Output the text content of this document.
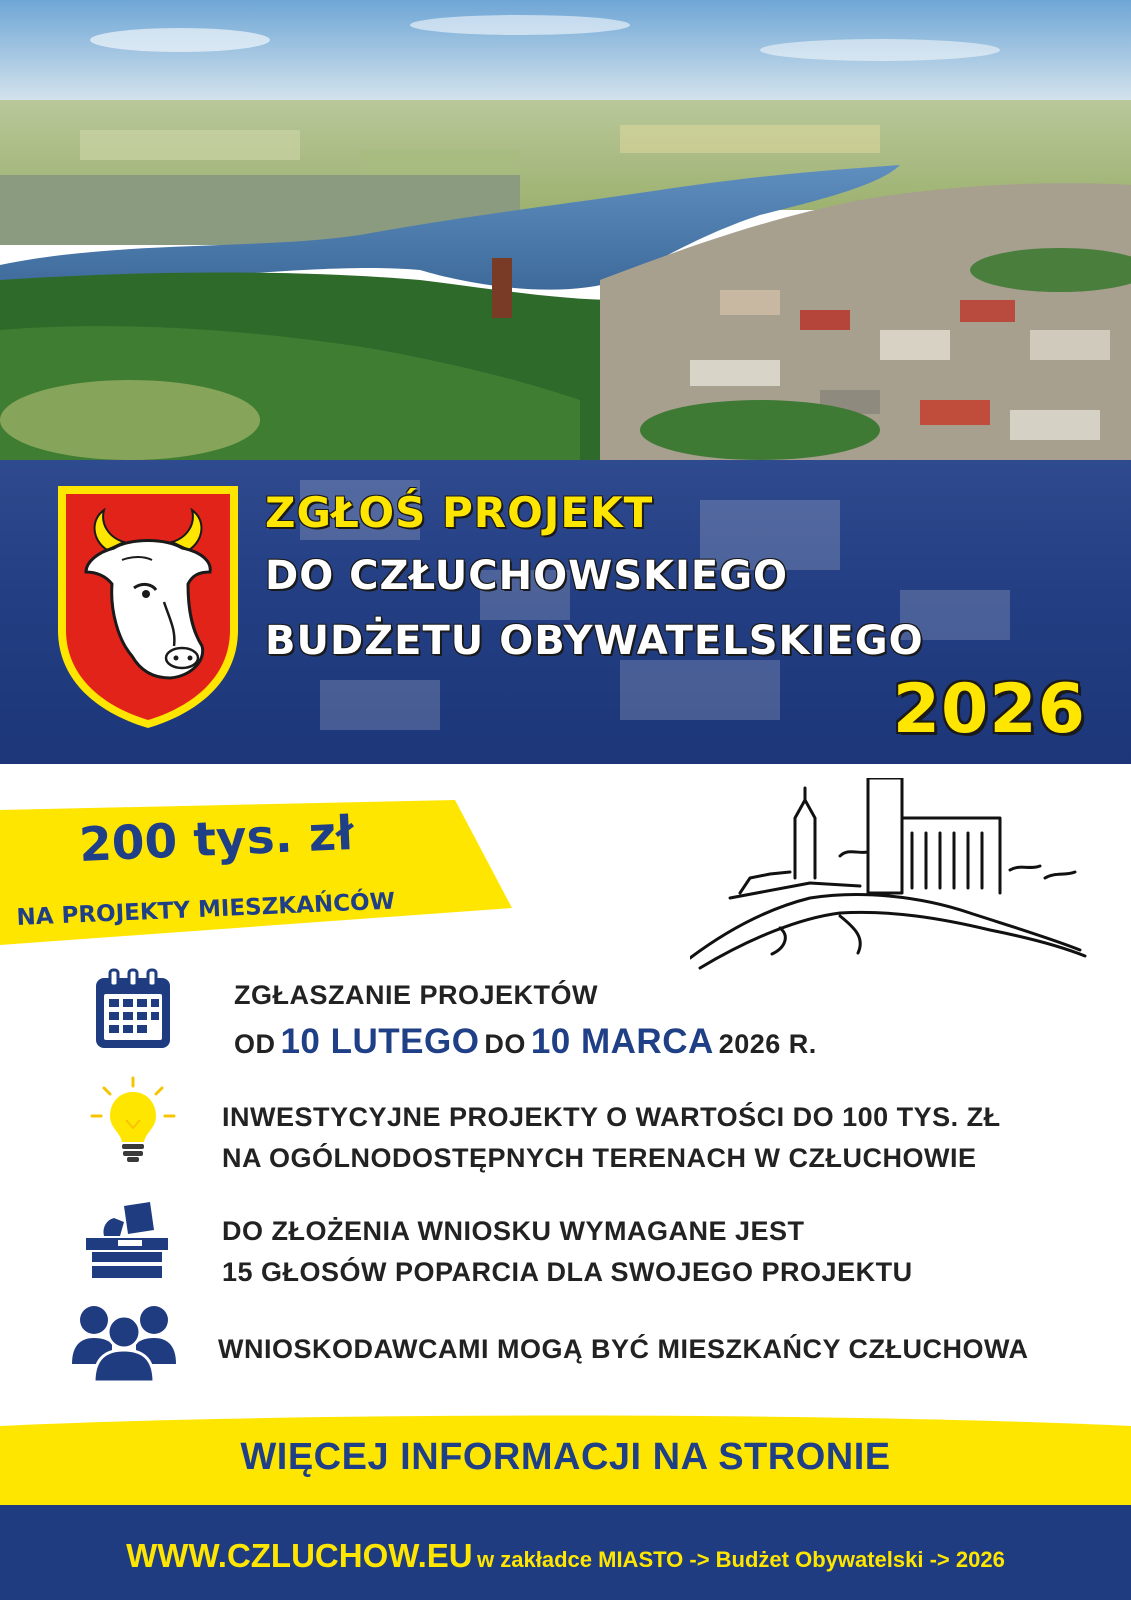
ZGŁOŚ PROJEKT
DO CZŁUCHOWSKIEGO
BUDŻETU OBYWATELSKIEGO
2026
200 tys. zł
NA PROJEKTY MIESZKAŃCÓW
ZGŁASZANIE PROJEKTÓW
OD 10 LUTEGO DO 10 MARCA 2026 R.
INWESTYCYJNE PROJEKTY O WARTOŚCI DO 100 TYS. ZŁ
NA OGÓLNODOSTĘPNYCH TERENACH W CZŁUCHOWIE
DO ZŁOŻENIA WNIOSKU WYMAGANE JEST
15 GŁOSÓW POPARCIA DLA SWOJEGO PROJEKTU
WNIOSKODAWCAMI MOGĄ BYĆ MIESZKAŃCY CZŁUCHOWA
WIĘCEJ INFORMACJI NA STRONIE
WWW.CZLUCHOW.EU w zakładce MIASTO -> Budżet Obywatelski -> 2026
